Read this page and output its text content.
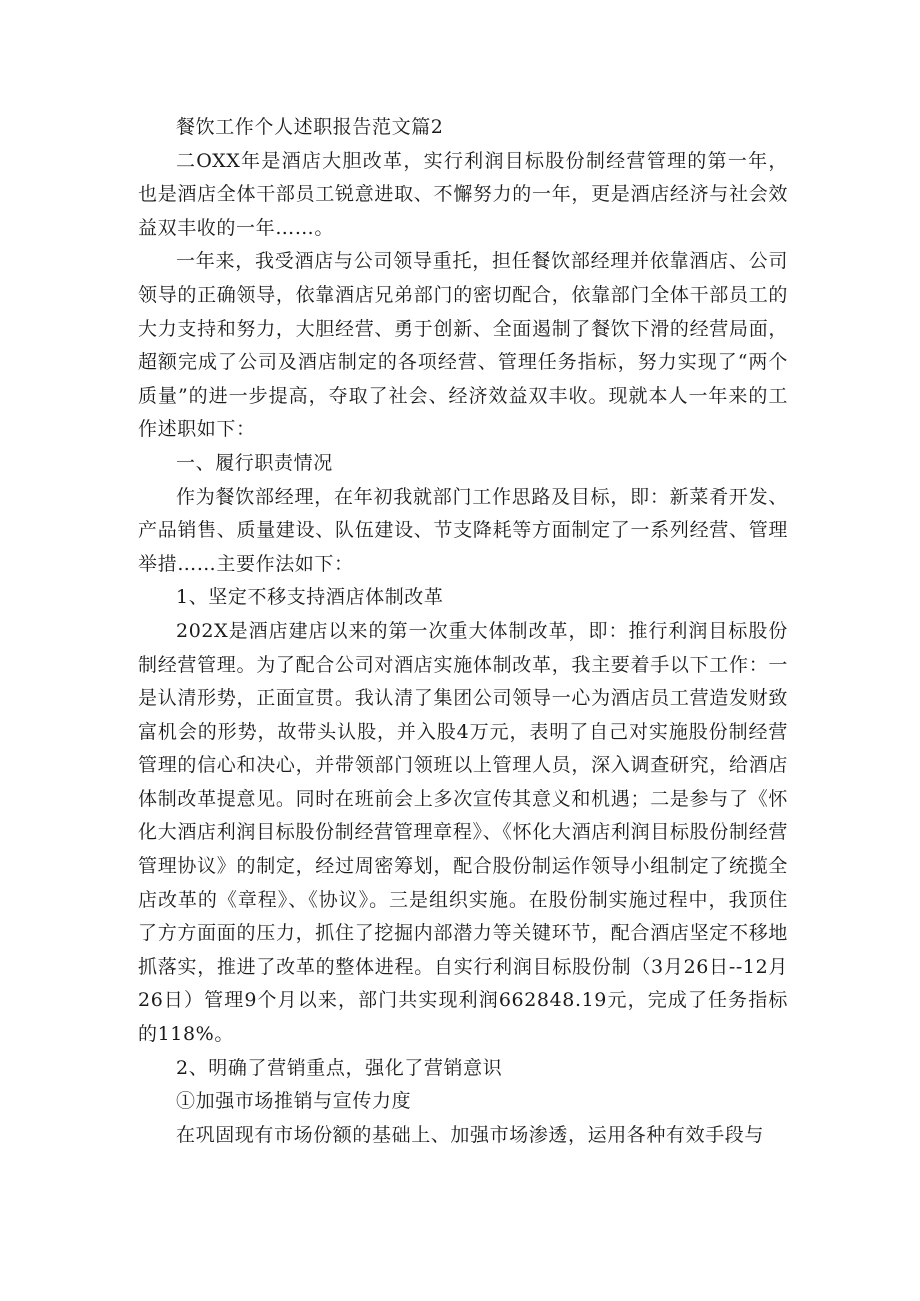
餐饮工作个人述职报告范文篇2

二OXX年是酒店大胆改革，实行利润目标股份制经营管理的第一年，也是酒店全体干部员工锐意进取、不懈努力的一年，更是酒店经济与社会效益双丰收的一年……。

一年来，我受酒店与公司领导重托，担任餐饮部经理并依靠酒店、公司领导的正确领导，依靠酒店兄弟部门的密切配合，依靠部门全体干部员工的大力支持和努力，大胆经营、勇于创新、全面遏制了餐饮下滑的经营局面，超额完成了公司及酒店制定的各项经营、管理任务指标，努力实现了“两个质量”的进一步提高，夺取了社会、经济效益双丰收。现就本人一年来的工作述职如下：

一、履行职责情况

作为餐饮部经理，在年初我就部门工作思路及目标，即：新菜肴开发、产品销售、质量建设、队伍建设、节支降耗等方面制定了一系列经营、管理举措……主要作法如下：

1、坚定不移支持酒店体制改革

202X是酒店建店以来的第一次重大体制改革，即：推行利润目标股份制经营管理。为了配合公司对酒店实施体制改革，我主要着手以下工作：一是认清形势，正面宣贯。我认清了集团公司领导一心为酒店员工营造发财致富机会的形势，故带头认股，并入股4万元，表明了自己对实施股份制经营管理的信心和决心，并带领部门领班以上管理人员，深入调查研究，给酒店体制改革提意见。同时在班前会上多次宣传其意义和机遇；二是参与了《怀化大酒店利润目标股份制经营管理章程》、《怀化大酒店利润目标股份制经营管理协议》的制定，经过周密筹划，配合股份制运作领导小组制定了统揽全店改革的《章程》、《协议》。三是组织实施。在股份制实施过程中，我顶住了方方面面的压力，抓住了挖掘内部潜力等关键环节，配合酒店坚定不移地抓落实，推进了改革的整体进程。自实行利润目标股份制（3月26日--12月26日）管理9个月以来，部门共实现利润662848.19元，完成了任务指标的118%。

2、明确了营销重点，强化了营销意识

①加强市场推销与宣传力度

在巩固现有市场份额的基础上、加强市场渗透，运用各种有效手段与
